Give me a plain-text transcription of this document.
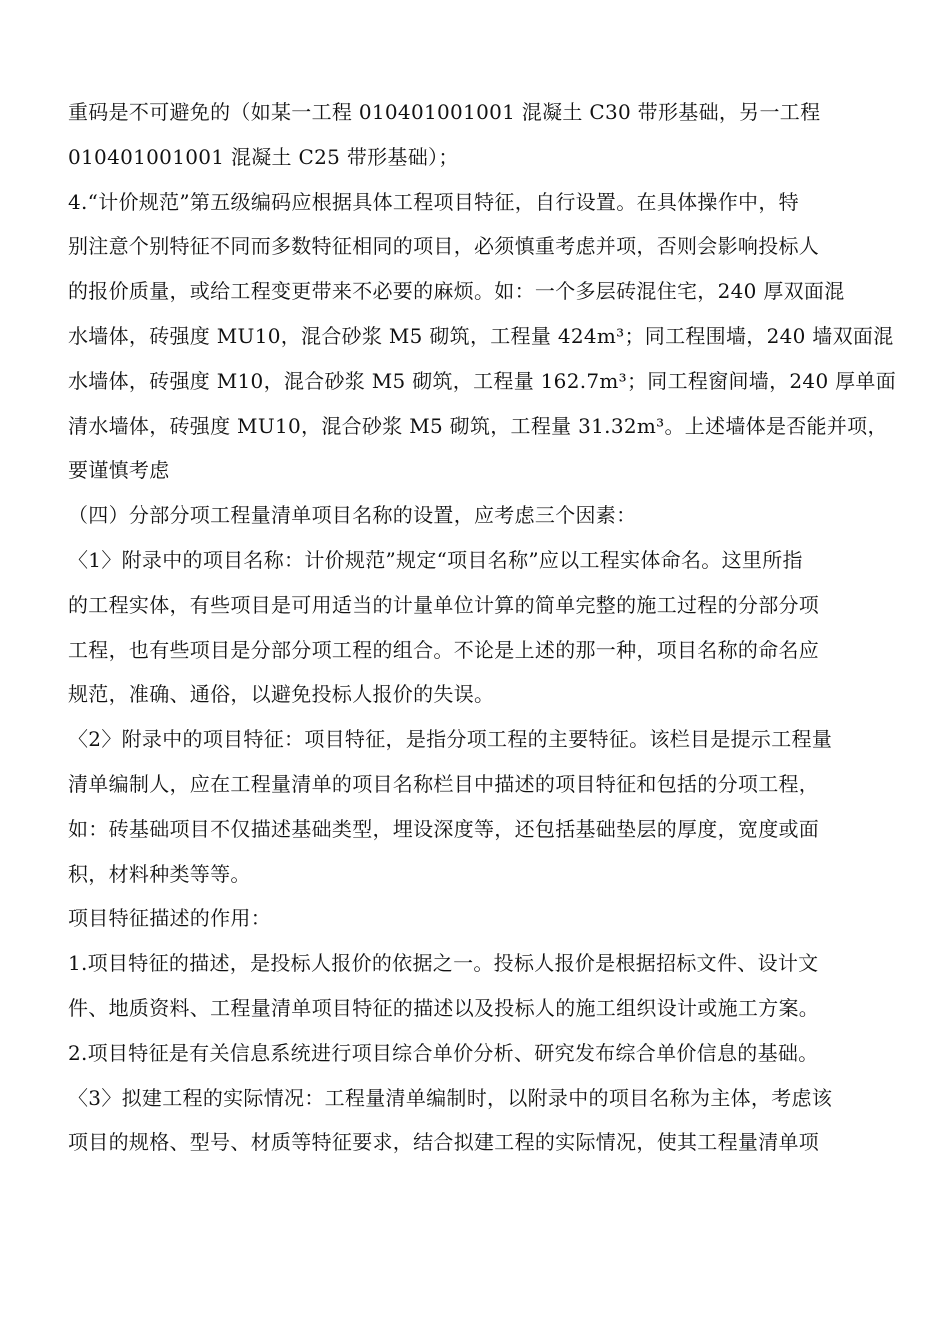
重码是不可避免的（如某一工程 010401001001 混凝土 C30 带形基础，另一工程
010401001001 混凝土 C25 带形基础）；
4.“计价规范”第五级编码应根据具体工程项目特征，自行设置。在具体操作中，特
别注意个别特征不同而多数特征相同的项目，必须慎重考虑并项，否则会影响投标人
的报价质量，或给工程变更带来不必要的麻烦。如：一个多层砖混住宅，240 厚双面混
水墙体，砖强度 MU10，混合砂浆 M5 砌筑，工程量 424m³；同工程围墙，240 墙双面混
水墙体，砖强度 M10，混合砂浆 M5 砌筑，工程量 162.7m³；同工程窗间墙，240 厚单面
清水墙体，砖强度 MU10，混合砂浆 M5 砌筑，工程量 31.32m³。上述墙体是否能并项，
要谨慎考虑
（四）分部分项工程量清单项目名称的设置，应考虑三个因素：
〈1〉附录中的项目名称：计价规范”规定“项目名称”应以工程实体命名。这里所指
的工程实体，有些项目是可用适当的计量单位计算的简单完整的施工过程的分部分项
工程，也有些项目是分部分项工程的组合。不论是上述的那一种，项目名称的命名应
规范，准确、通俗，以避免投标人报价的失误。
〈2〉附录中的项目特征：项目特征，是指分项工程的主要特征。该栏目是提示工程量
清单编制人，应在工程量清单的项目名称栏目中描述的项目特征和包括的分项工程，
如：砖基础项目不仅描述基础类型，埋设深度等，还包括基础垫层的厚度，宽度或面
积，材料种类等等。
项目特征描述的作用：
1.项目特征的描述，是投标人报价的依据之一。投标人报价是根据招标文件、设计文
件、地质资料、工程量清单项目特征的描述以及投标人的施工组织设计或施工方案。
2.项目特征是有关信息系统进行项目综合单价分析、研究发布综合单价信息的基础。
〈3〉拟建工程的实际情况：工程量清单编制时，以附录中的项目名称为主体，考虑该
项目的规格、型号、材质等特征要求，结合拟建工程的实际情况，使其工程量清单项
